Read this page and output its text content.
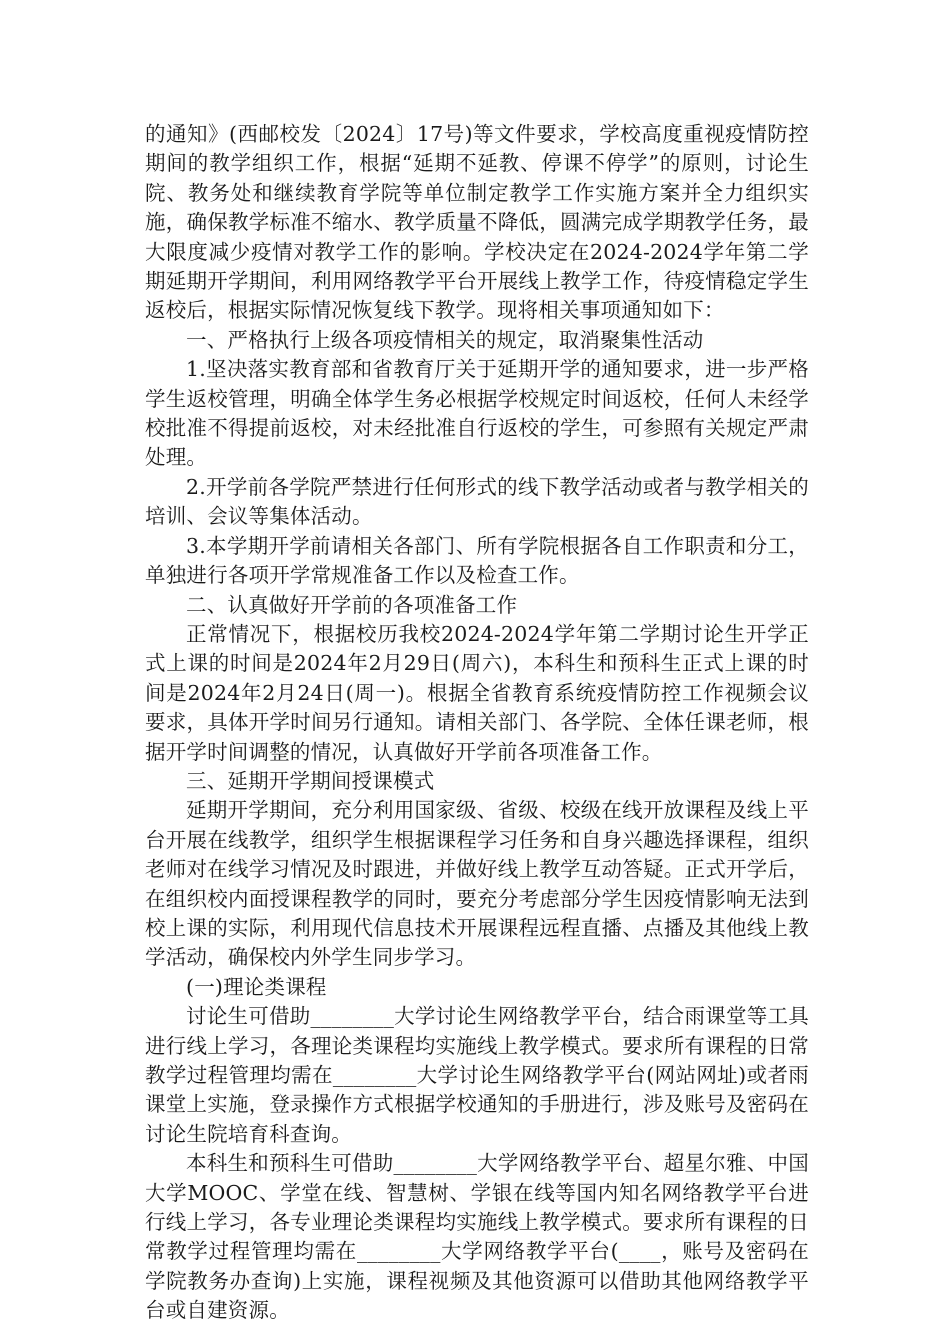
的通知》(西邮校发〔2024〕17号)等文件要求，学校高度重视疫情防控期间的教学组织工作，根据“延期不延教、停课不停学”的原则，讨论生院、教务处和继续教育学院等单位制定教学工作实施方案并全力组织实施，确保教学标准不缩水、教学质量不降低，圆满完成学期教学任务，最大限度减少疫情对教学工作的影响。学校决定在2024-2024学年第二学期延期开学期间，利用网络教学平台开展线上教学工作，待疫情稳定学生返校后，根据实际情况恢复线下教学。现将相关事项通知如下：

一、严格执行上级各项疫情相关的规定，取消聚集性活动

1.坚决落实教育部和省教育厅关于延期开学的通知要求，进一步严格学生返校管理，明确全体学生务必根据学校规定时间返校，任何人未经学校批准不得提前返校，对未经批准自行返校的学生，可参照有关规定严肃处理。

2.开学前各学院严禁进行任何形式的线下教学活动或者与教学相关的培训、会议等集体活动。

3.本学期开学前请相关各部门、所有学院根据各自工作职责和分工，单独进行各项开学常规准备工作以及检查工作。

二、认真做好开学前的各项准备工作

正常情况下，根据校历我校2024-2024学年第二学期讨论生开学正式上课的时间是2024年2月29日(周六)，本科生和预科生正式上课的时间是2024年2月24日(周一)。根据全省教育系统疫情防控工作视频会议要求，具体开学时间另行通知。请相关部门、各学院、全体任课老师，根据开学时间调整的情况，认真做好开学前各项准备工作。

三、延期开学期间授课模式

延期开学期间，充分利用国家级、省级、校级在线开放课程及线上平台开展在线教学，组织学生根据课程学习任务和自身兴趣选择课程，组织老师对在线学习情况及时跟进，并做好线上教学互动答疑。正式开学后，在组织校内面授课程教学的同时，要充分考虑部分学生因疫情影响无法到校上课的实际，利用现代信息技术开展课程远程直播、点播及其他线上教学活动，确保校内外学生同步学习。

(一)理论类课程

讨论生可借助________大学讨论生网络教学平台，结合雨课堂等工具进行线上学习，各理论类课程均实施线上教学模式。要求所有课程的日常教学过程管理均需在________大学讨论生网络教学平台(网站网址)或者雨课堂上实施，登录操作方式根据学校通知的手册进行，涉及账号及密码在讨论生院培育科查询。

本科生和预科生可借助________大学网络教学平台、超星尔雅、中国大学MOOC、学堂在线、智慧树、学银在线等国内知名网络教学平台进行线上学习，各专业理论类课程均实施线上教学模式。要求所有课程的日常教学过程管理均需在________大学网络教学平台(____，账号及密码在学院教务办查询)上实施，课程视频及其他资源可以借助其他网络教学平台或自建资源。
